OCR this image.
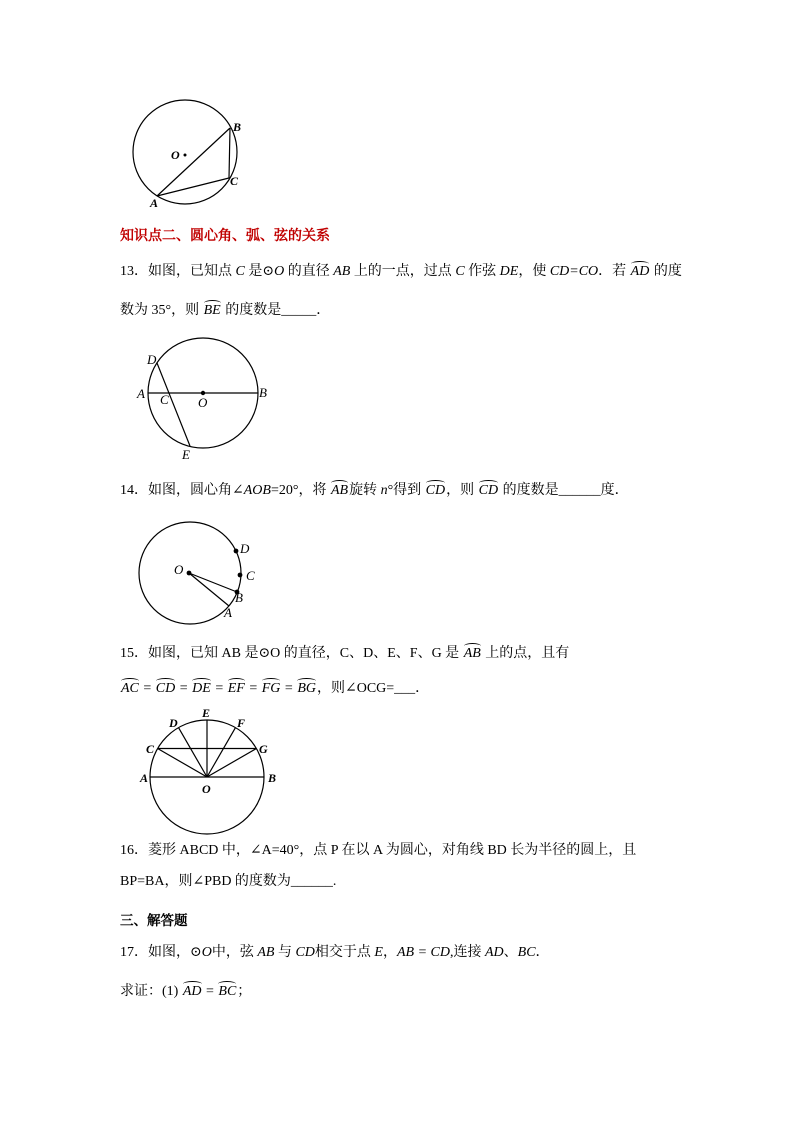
B
O
C
A
知识点二、圆心角、弧、弦的关系
13．如图，已知点 C 是⊙O 的直径 AB 上的一点，过点 C 作弦 DE，使 CD=CO．若 AD 的度
数为 35°，则 BE 的度数是_____．
D
A C O
B
E
14．如图，圆心角∠AOB=20°，将 AB旋转 n°得到 CD，则 CD 的度数是______度．
O
D
C
B
A
15．如图，已知 AB 是⊙O 的直径，C、D、E、F、G 是 AB 上的点，且有
AC = CD = DE = EF = FG = BG，则∠OCG=___．
A	B
O
C
D
E
F
G
16．菱形 ABCD 中，∠A=40°，点 P 在以 A 为圆心，对角线 BD 长为半径的圆上，且
BP=BA，则∠PBD 的度数为______.
三、解答题
17．如图，⊙O中，弦 AB 与 CD相交于点 E，AB = CD,连接 AD、BC．
求证：(1) AD = BC；
